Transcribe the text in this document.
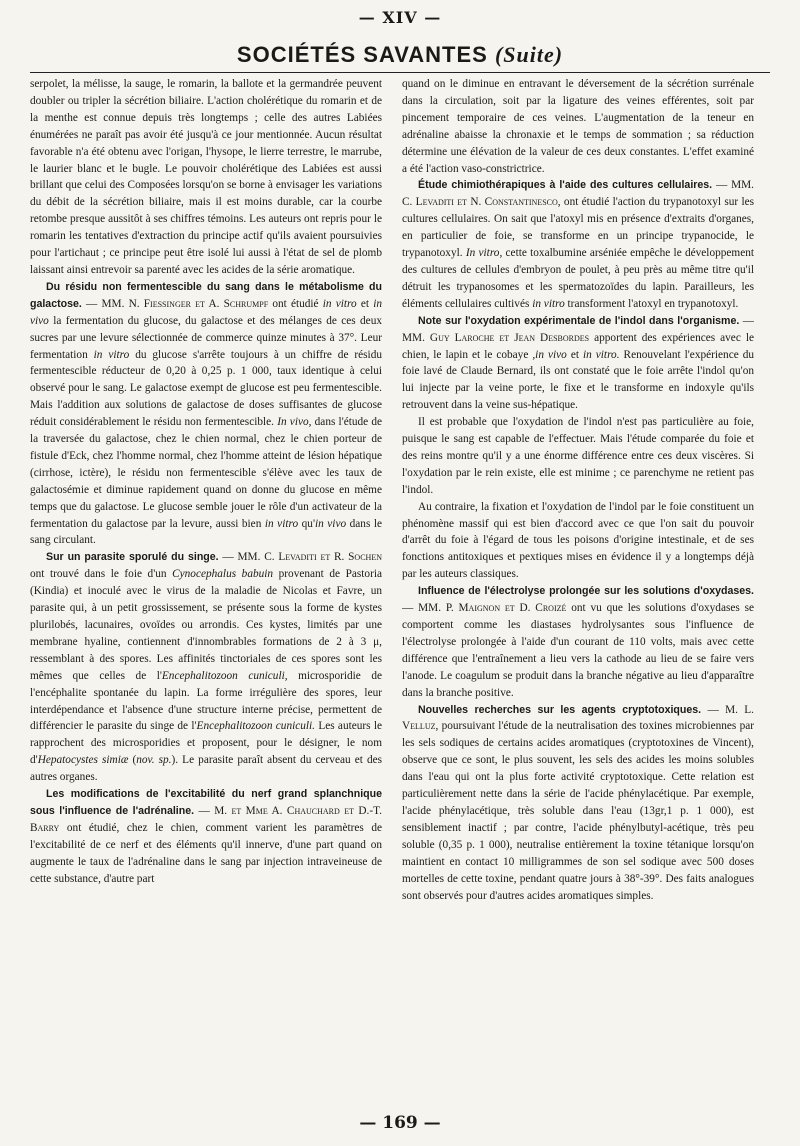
— XIV —
SOCIÉTÉS SAVANTES (Suite)

serpolet, la mélisse, la sauge, le romarin, la ballote et la germandrée peuvent doubler ou tripler la sécrétion biliaire. L'action cholérétique du romarin et de la menthe est connue depuis très longtemps ; celle des autres Labiées énumérées ne paraît pas avoir été jusqu'à ce jour mentionnée. Aucun résultat favorable n'a été obtenu avec l'origan, l'hysope, le lierre terrestre, le marrube, le laurier blanc et le bugle. Le pouvoir cholérétique des Labiées est aussi brillant que celui des Composées lorsqu'on se borne à envisager les variations du débit de la sécrétion biliaire, mais il est moins durable, car la courbe retombe presque aussitôt à ses chiffres témoins. Les auteurs ont repris pour le romarin les tentatives d'extraction du principe actif qu'ils avaient poursuivies pour l'artichaut ; ce principe peut être isolé lui aussi à l'état de sel de plomb laissant ainsi entrevoir sa parenté avec les acides de la série aromatique.

Du résidu non fermentescible du sang dans le métabolisme du galactose. — MM. N. Fiessinger et A. Schrumpf ont étudié in vitro et in vivo la fermentation du glucose, du galactose et des mélanges de ces deux sucres par une levure sélectionnée de commerce quinze minutes à 37°. Leur fermentation in vitro du glucose s'arrête toujours à un chiffre de résidu fermentescible réducteur de 0,20 à 0,25 p. 1 000, taux identique à celui observé pour le sang. Le galactose exempt de glucose est peu fermentescible. Mais l'addition aux solutions de galactose de doses suffisantes de glucose réduit considérablement le résidu non fermentescible. In vivo, dans l'étude de la traversée du galactose, chez le chien normal, chez le chien porteur de fistule d'Eck, chez l'homme normal, chez l'homme atteint de lésion hépatique (cirrhose, ictère), le résidu non fermentescible s'élève avec les taux de galactosémie et diminue rapidement quand on donne du glucose en même temps que du galactose. Le glucose semble jouer le rôle d'un activateur de la fermentation du galactose par la levure, aussi bien in vitro qu'in vivo dans le sang circulant.

Sur un parasite sporulé du singe. — MM. C. Levaditi et R. Sochen ont trouvé dans le foie d'un Cynocephalus babuin provenant de Pastoria (Kindia) et inoculé avec le virus de la maladie de Nicolas et Favre, un parasite qui, à un petit grossissement, se présente sous la forme de kystes plurilobés, lacunaires, ovoïdes ou arrondis. Ces kystes, limités par une membrane hyaline, contiennent d'innombrables formations de 2 à 3 μ, ressemblant à des spores. Les affinités tinctoriales de ces spores sont les mêmes que celles de l'Encephalitozoon cuniculi, microsporidie de l'encéphalite spontanée du lapin. La forme irrégulière des spores, leur interdépendance et l'absence d'une structure interne précise, permettent de différencier le parasite du singe de l'Encephalitozoon cuniculi. Les auteurs le rapprochent des microsporidies et proposent, pour le désigner, le nom d'Hepatocystes simiæ (nov. sp.). Le parasite paraît absent du cerveau et des autres organes.

Les modifications de l'excitabilité du nerf grand splanchnique sous l'influence de l'adrénaline. — M. et Mme A. Chauchard et D.-T. Barry ont étudié, chez le chien, comment varient les paramètres de l'excitabilité de ce nerf et des éléments qu'il innerve, d'une part quand on augmente le taux de l'adrénaline dans le sang par injection intraveineuse de cette substance, d'autre part

quand on le diminue en entravant le déversement de la sécrétion surrénale dans la circulation, soit par la ligature des veines efférentes, soit par pincement temporaire de ces veines. L'augmentation de la teneur en adrénaline abaisse la chronaxie et le temps de sommation ; sa réduction détermine une élévation de la valeur de ces deux constantes. L'effet examiné a été l'action vaso-constrictrice.

Étude chimiothérapiques à l'aide des cultures cellulaires. — MM. C. Levaditi et N. Constantinesco, ont étudié l'action du trypanotoxyl sur les cultures cellulaires. On sait que l'atoxyl mis en présence d'extraits d'organes, en particulier de foie, se transforme en un principe trypanocide, le trypanotoxyl. In vitro, cette toxalbumine arséniée empêche le développement des cultures de cellules d'embryon de poulet, à peu près au même titre qu'il détruit les trypanosomes et les spermatozoïdes du lapin. Parailleurs, les éléments cellulaires cultivés in vitro transforment l'atoxyl en trypanotoxyl.

Note sur l'oxydation expérimentale de l'indol dans l'organisme. — MM. Guy Laroche et Jean Desbordes apportent des expériences avec le chien, le lapin et le cobaye ,in vivo et in vitro. Renouvelant l'expérience du foie lavé de Claude Bernard, ils ont constaté que le foie arrête l'indol qu'on lui injecte par la veine porte, le fixe et le transforme en indoxyle qu'ils retrouvent dans la veine sus-hépatique.

Il est probable que l'oxydation de l'indol n'est pas particulière au foie, puisque le sang est capable de l'effectuer. Mais l'étude comparée du foie et des reins montre qu'il y a une énorme différence entre ces deux viscères. Si l'oxydation par le rein existe, elle est minime ; ce parenchyme ne retient pas l'indol.

Au contraire, la fixation et l'oxydation de l'indol par le foie constituent un phénomène massif qui est bien d'accord avec ce que l'on sait du pouvoir d'arrêt du foie à l'égard de tous les poisons d'origine intestinale, et de ses fonctions antitoxiques et pextiques mises en évidence il y a longtemps déjà par les auteurs classiques.

Influence de l'électrolyse prolongée sur les solutions d'oxydases. — MM. P. Maignon et D. Croizé ont vu que les solutions d'oxydases se comportent comme les diastases hydrolysantes sous l'influence de l'électrolyse prolongée à l'aide d'un courant de 110 volts, mais avec cette différence que l'entraînement a lieu vers la cathode au lieu de se faire vers l'anode. Le coagulum se produit dans la branche négative au lieu d'apparaître dans la branche positive.

Nouvelles recherches sur les agents cryptotoxiques. — M. L. Velluz, poursuivant l'étude de la neutralisation des toxines microbiennes par les sels sodiques de certains acides aromatiques (cryptotoxines de Vincent), observe que ce sont, le plus souvent, les sels des acides les moins solubles dans l'eau qui ont la plus forte activité cryptotoxique. Cette relation est particulièrement nette dans la série de l'acide phénylacétique. Par exemple, l'acide phénylacétique, très soluble dans l'eau (13gr,1 p. 1 000), est sensiblement inactif ; par contre, l'acide phénylbutyl-acétique, très peu soluble (0,35 p. 1 000), neutralise entièrement la toxine tétanique lorsqu'on maintient en contact 10 milligrammes de son sel sodique avec 500 doses mortelles de cette toxine, pendant quatre jours à 38°-39°. Des faits analogues sont observés pour d'autres acides aromatiques simples.

— 169 —
